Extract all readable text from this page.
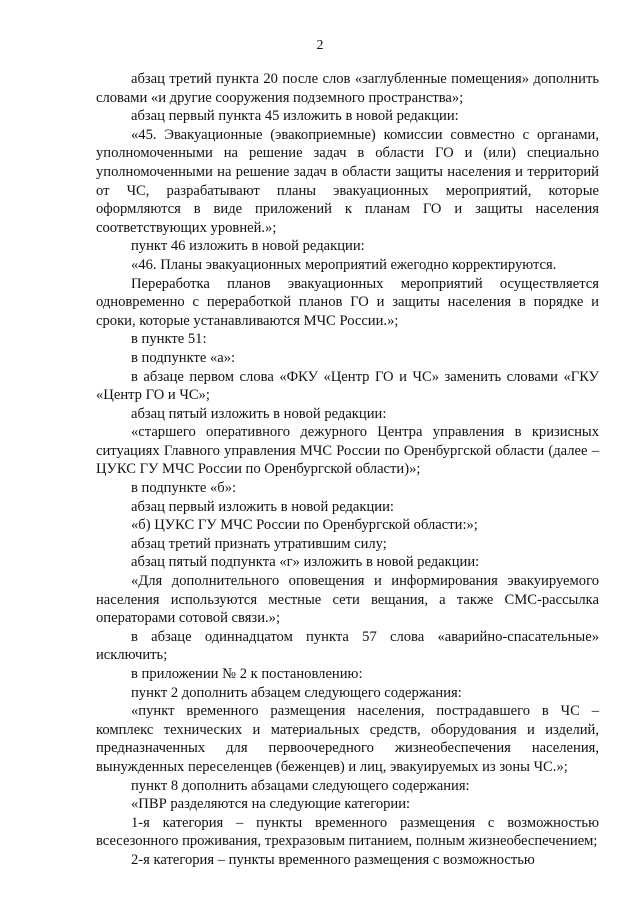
2

абзац третий пункта 20 после слов «заглубленные помещения» дополнить словами «и другие сооружения подземного пространства»;

абзац первый пункта 45 изложить в новой редакции:

«45. Эвакуационные (эвакоприемные) комиссии совместно с органами, уполномоченными на решение задач в области ГО и (или) специально уполномоченными на решение задач в области защиты населения и территорий от ЧС, разрабатывают планы эвакуационных мероприятий, которые оформляются в виде приложений к планам ГО и защиты населения соответствующих уровней.»;

пункт 46 изложить в новой редакции:

«46. Планы эвакуационных мероприятий ежегодно корректируются.

Переработка планов эвакуационных мероприятий осуществляется одновременно с переработкой планов ГО и защиты населения в порядке и сроки, которые устанавливаются МЧС России.»;

в пункте 51:

в подпункте «а»:

в абзаце первом слова «ФКУ «Центр ГО и ЧС» заменить словами «ГКУ «Центр ГО и ЧС»;

абзац пятый изложить в новой редакции:

«старшего оперативного дежурного Центра управления в кризисных ситуациях Главного управления МЧС России по Оренбургской области (далее – ЦУКС ГУ МЧС России по Оренбургской области)»;

в подпункте «б»:

абзац первый изложить в новой редакции:

«б) ЦУКС ГУ МЧС России по Оренбургской области:»;

абзац третий признать утратившим силу;

абзац пятый подпункта «г» изложить в новой редакции:

«Для дополнительного оповещения и информирования эвакуируемого населения используются местные сети вещания, а также СМС-рассылка операторами сотовой связи.»;

в абзаце одиннадцатом пункта 57 слова «аварийно-спасательные» исключить;

в приложении № 2 к постановлению:

пункт 2 дополнить абзацем следующего содержания:

«пункт временного размещения населения, пострадавшего в ЧС – комплекс технических и материальных средств, оборудования и изделий, предназначенных для первоочередного жизнеобеспечения населения, вынужденных переселенцев (беженцев) и лиц, эвакуируемых из зоны ЧС.»;

пункт 8 дополнить абзацами следующего содержания:

«ПВР разделяются на следующие категории:

1-я категория – пункты временного размещения с возможностью всесезонного проживания, трехразовым питанием, полным жизнеобеспечением;

2-я категория – пункты временного размещения с возможностью
